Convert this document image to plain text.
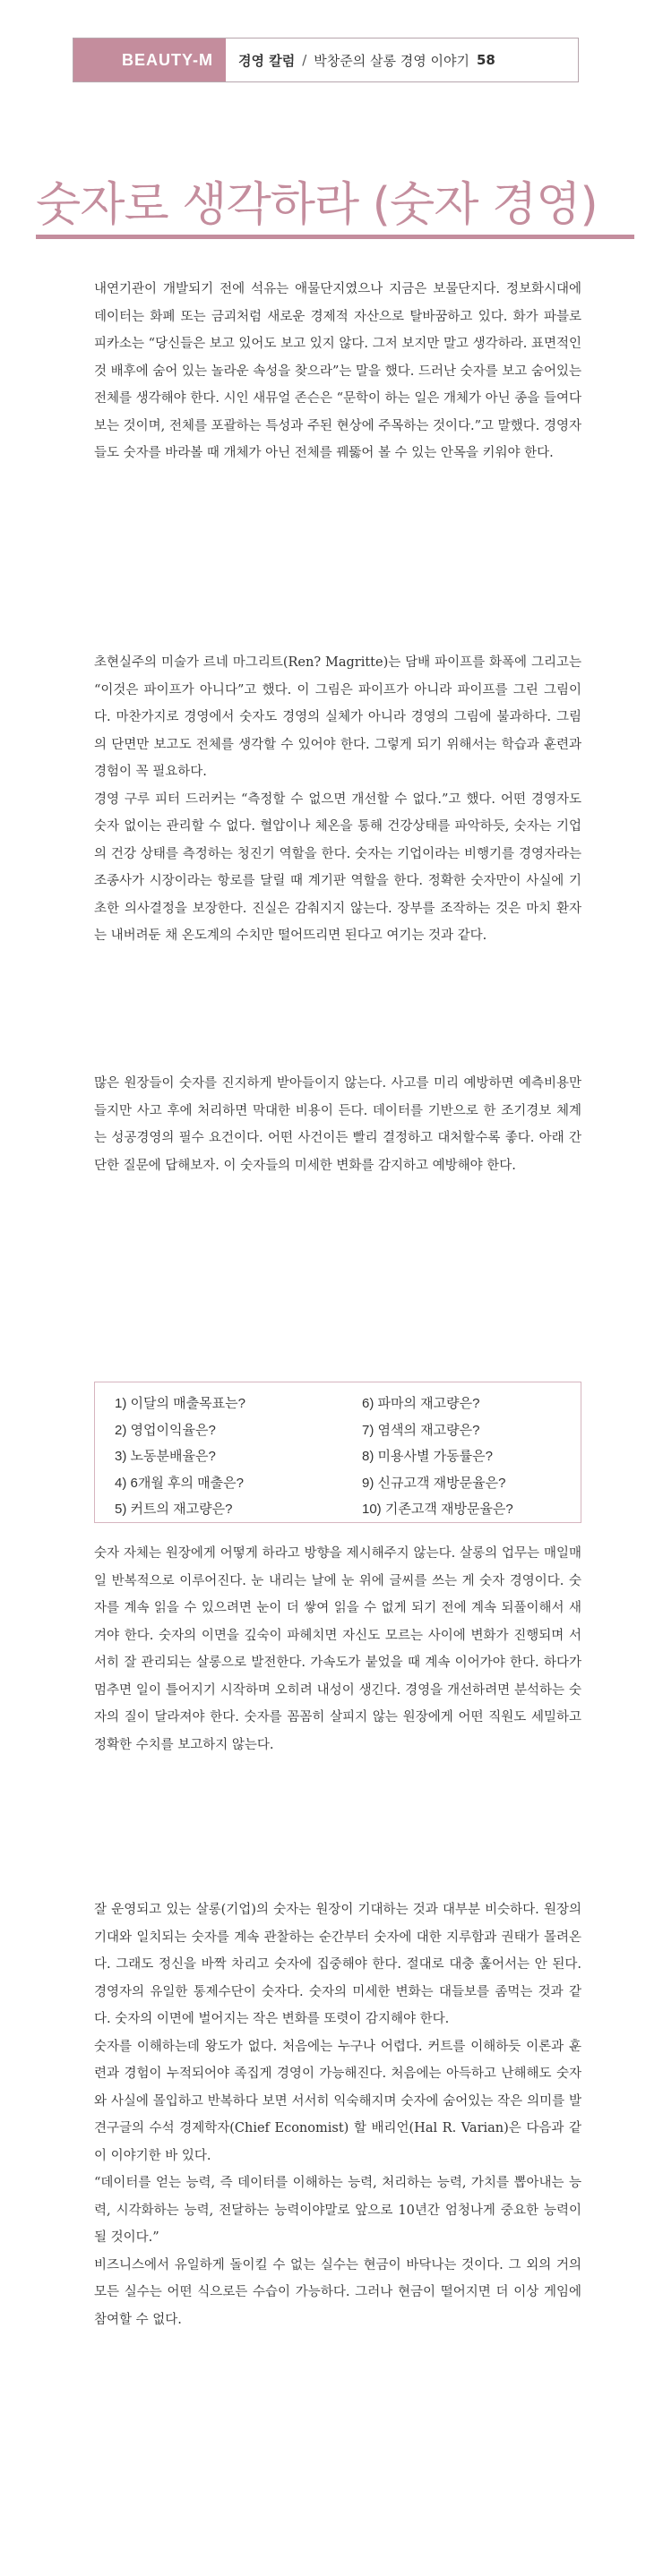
BEAUTY-M	경영 칼럼 / 박창준의 살롱 경영 이야기 58
숫자로 생각하라 (숫자 경영)

내연기관이 개발되기 전에 석유는 애물단지였으나 지금은 보물단지다. 정보화시대에 데이터는 화폐 또는 금괴처럼 새로운 경제적 자산으로 탈바꿈하고 있다. 화가 파블로 피카소는 “당신들은 보고 있어도 보고 있지 않다. 그저 보지만 말고 생각하라. 표면적인 것 배후에 숨어 있는 놀라운 속성을 찾으라”는 말을 했다. 드러난 숫자를 보고 숨어있는 전체를 생각해야 한다. 시인 새뮤얼 존슨은 “문학이 하는 일은 개체가 아닌 종을 들여다보는 것이며, 전체를 포괄하는 특성과 주된 현상에 주목하는 것이다.”고 말했다. 경영자들도 숫자를 바라볼 때 개체가 아닌 전체를 꿰뚫어 볼 수 있는 안목을 키워야 한다.

초현실주의 미술가 르네 마그리트(Ren? Magritte)는 담배 파이프를 화폭에 그리고는 “이것은 파이프가 아니다”고 했다. 이 그림은 파이프가 아니라 파이프를 그린 그림이다. 마찬가지로 경영에서 숫자도 경영의 실체가 아니라 경영의 그림에 불과하다. 그림의 단면만 보고도 전체를 생각할 수 있어야 한다. 그렇게 되기 위해서는 학습과 훈련과 경험이 꼭 필요하다.

경영 구루 피터 드러커는 “측정할 수 없으면 개선할 수 없다.”고 했다. 어떤 경영자도 숫자 없이는 관리할 수 없다. 혈압이나 체온을 통해 건강상태를 파악하듯, 숫자는 기업의 건강 상태를 측정하는 청진기 역할을 한다. 숫자는 기업이라는 비행기를 경영자라는 조종사가 시장이라는 항로를 달릴 때 계기판 역할을 한다. 정확한 숫자만이 사실에 기초한 의사결정을 보장한다. 진실은 감춰지지 않는다. 장부를 조작하는 것은 마치 환자는 내버려둔 채 온도계의 수치만 떨어뜨리면 된다고 여기는 것과 같다.

많은 원장들이 숫자를 진지하게 받아들이지 않는다. 사고를 미리 예방하면 예측비용만 들지만 사고 후에 처리하면 막대한 비용이 든다. 데이터를 기반으로 한 조기경보 체계는 성공경영의 필수 요건이다. 어떤 사건이든 빨리 결정하고 대처할수록 좋다. 아래 간단한 질문에 답해보자. 이 숫자들의 미세한 변화를 감지하고 예방해야 한다.

1) 이달의 매출목표는?	6) 파마의 재고량은?
2) 영업이익율은?	7) 염색의 재고량은?
3) 노동분배율은?	8) 미용사별 가동률은?
4) 6개월 후의 매출은?	9) 신규고객 재방문율은?
5) 커트의 재고량은?	10) 기존고객 재방문율은?

숫자 자체는 원장에게 어떻게 하라고 방향을 제시해주지 않는다. 살롱의 업무는 매일매일 반복적으로 이루어진다. 눈 내리는 날에 눈 위에 글씨를 쓰는 게 숫자 경영이다. 숫자를 계속 읽을 수 있으려면 눈이 더 쌓여 읽을 수 없게 되기 전에 계속 되풀이해서 새겨야 한다. 숫자의 이면을 깊숙이 파헤치면 자신도 모르는 사이에 변화가 진행되며 서서히 잘 관리되는 살롱으로 발전한다. 가속도가 붙었을 때 계속 이어가야 한다. 하다가 멈추면 일이 틀어지기 시작하며 오히려 내성이 생긴다. 경영을 개선하려면 분석하는 숫자의 질이 달라져야 한다. 숫자를 꼼꼼히 살피지 않는 원장에게 어떤 직원도 세밀하고 정확한 수치를 보고하지 않는다.

잘 운영되고 있는 살롱(기업)의 숫자는 원장이 기대하는 것과 대부분 비슷하다. 원장의 기대와 일치되는 숫자를 계속 관찰하는 순간부터 숫자에 대한 지루함과 권태가 몰려온다. 그래도 정신을 바짝 차리고 숫자에 집중해야 한다. 절대로 대충 훑어서는 안 된다. 경영자의 유일한 통제수단이 숫자다. 숫자의 미세한 변화는 대들보를 좀먹는 것과 같다. 숫자의 이면에 벌어지는 작은 변화를 또렷이 감지해야 한다.

숫자를 이해하는데 왕도가 없다. 처음에는 누구나 어렵다. 커트를 이해하듯 이론과 훈련과 경험이 누적되어야 족집게 경영이 가능해진다. 처음에는 아득하고 난해해도 숫자와 사실에 몰입하고 반복하다 보면 서서히 익숙해지며 숫자에 숨어있는 작은 의미를 발견구글의 수석 경제학자(Chief Economist) 할 배리언(Hal R. Varian)은 다음과 같이 이야기한 바 있다.

“데이터를 얻는 능력, 즉 데이터를 이해하는 능력, 처리하는 능력, 가치를 뽑아내는 능력, 시각화하는 능력, 전달하는 능력이야말로 앞으로 10년간 엄청나게 중요한 능력이 될 것이다.”

비즈니스에서 유일하게 돌이킬 수 없는 실수는 현금이 바닥나는 것이다. 그 외의 거의 모든 실수는 어떤 식으로든 수습이 가능하다. 그러나 현금이 떨어지면 더 이상 게임에 참여할 수 없다.
